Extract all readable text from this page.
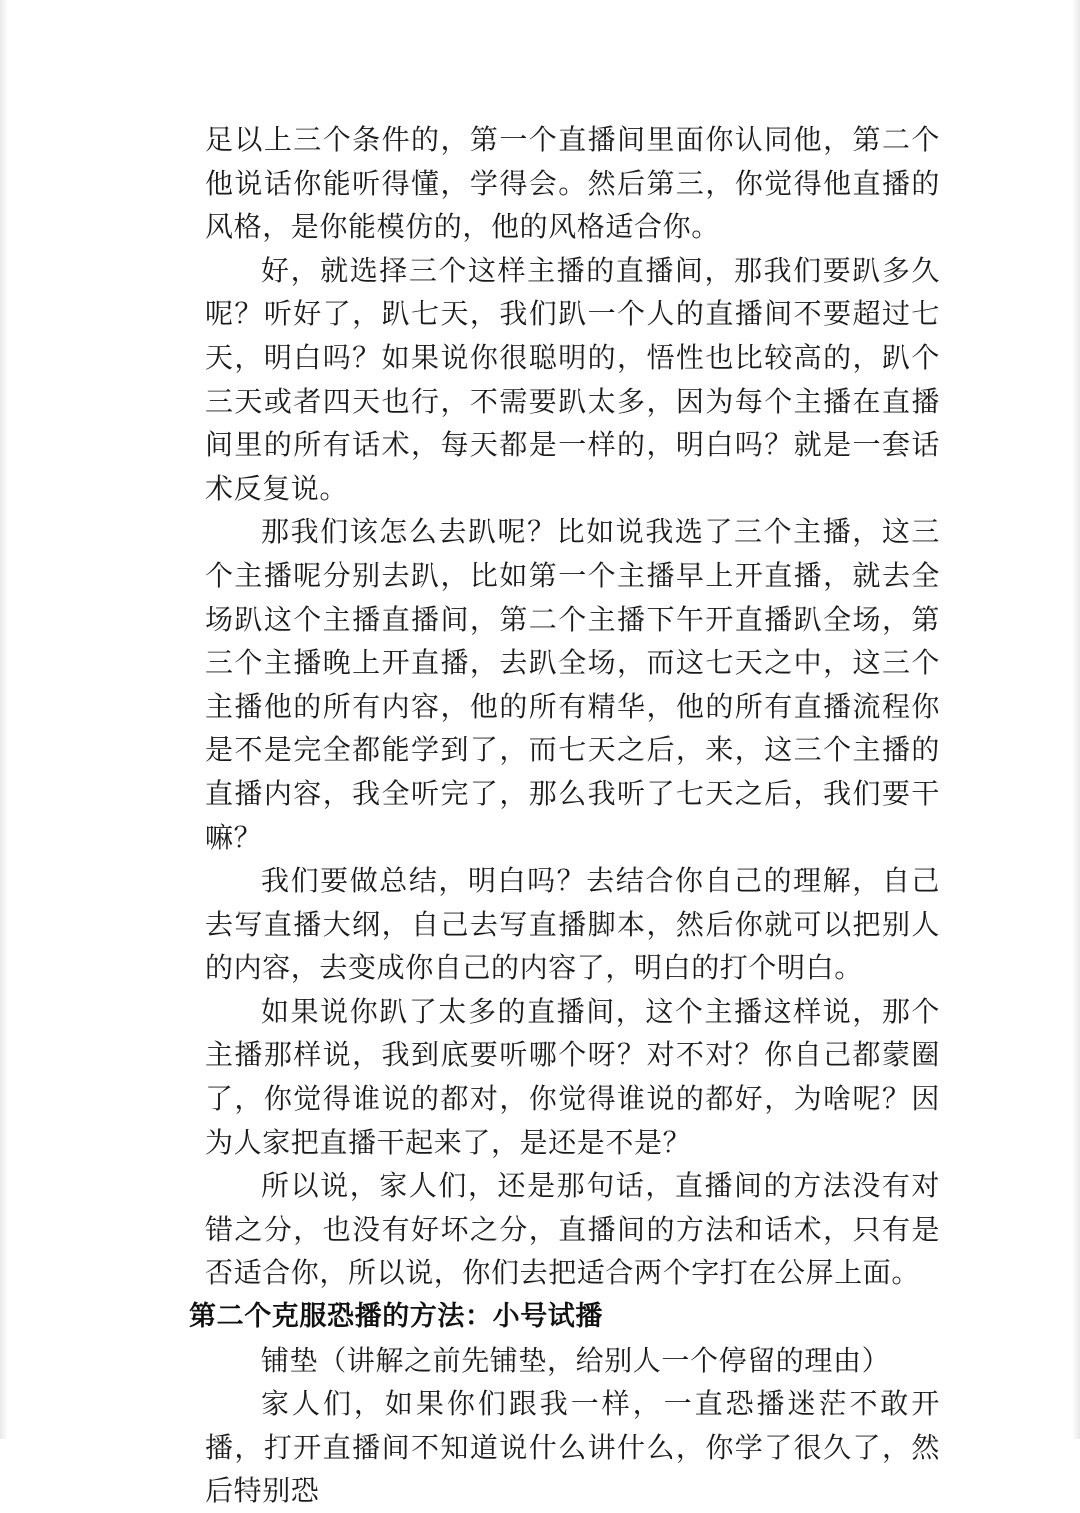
足以上三个条件的，第一个直播间里面你认同他，第二个他说话你能听得懂，学得会。然后第三，你觉得他直播的风格，是你能模仿的，他的风格适合你。

好，就选择三个这样主播的直播间，那我们要趴多久呢？听好了，趴七天，我们趴一个人的直播间不要超过七天，明白吗？如果说你很聪明的，悟性也比较高的，趴个三天或者四天也行，不需要趴太多，因为每个主播在直播间里的所有话术，每天都是一样的，明白吗？就是一套话术反复说。

那我们该怎么去趴呢？比如说我选了三个主播，这三个主播呢分别去趴，比如第一个主播早上开直播，就去全场趴这个主播直播间，第二个主播下午开直播趴全场，第三个主播晚上开直播，去趴全场，而这七天之中，这三个主播他的所有内容，他的所有精华，他的所有直播流程你是不是完全都能学到了，而七天之后，来，这三个主播的直播内容，我全听完了，那么我听了七天之后，我们要干嘛？

我们要做总结，明白吗？去结合你自己的理解，自己去写直播大纲，自己去写直播脚本，然后你就可以把别人的内容，去变成你自己的内容了，明白的打个明白。

如果说你趴了太多的直播间，这个主播这样说，那个主播那样说，我到底要听哪个呀？对不对？你自己都蒙圈了，你觉得谁说的都对，你觉得谁说的都好，为啥呢？因为人家把直播干起来了，是还是不是？

所以说，家人们，还是那句话，直播间的方法没有对错之分，也没有好坏之分，直播间的方法和话术，只有是否适合你，所以说，你们去把适合两个字打在公屏上面。

第二个克服恐播的方法：小号试播

铺垫（讲解之前先铺垫，给别人一个停留的理由）

家人们，如果你们跟我一样，一直恐播迷茫不敢开播，打开直播间不知道说什么讲什么，你学了很久了，然后特别恐
